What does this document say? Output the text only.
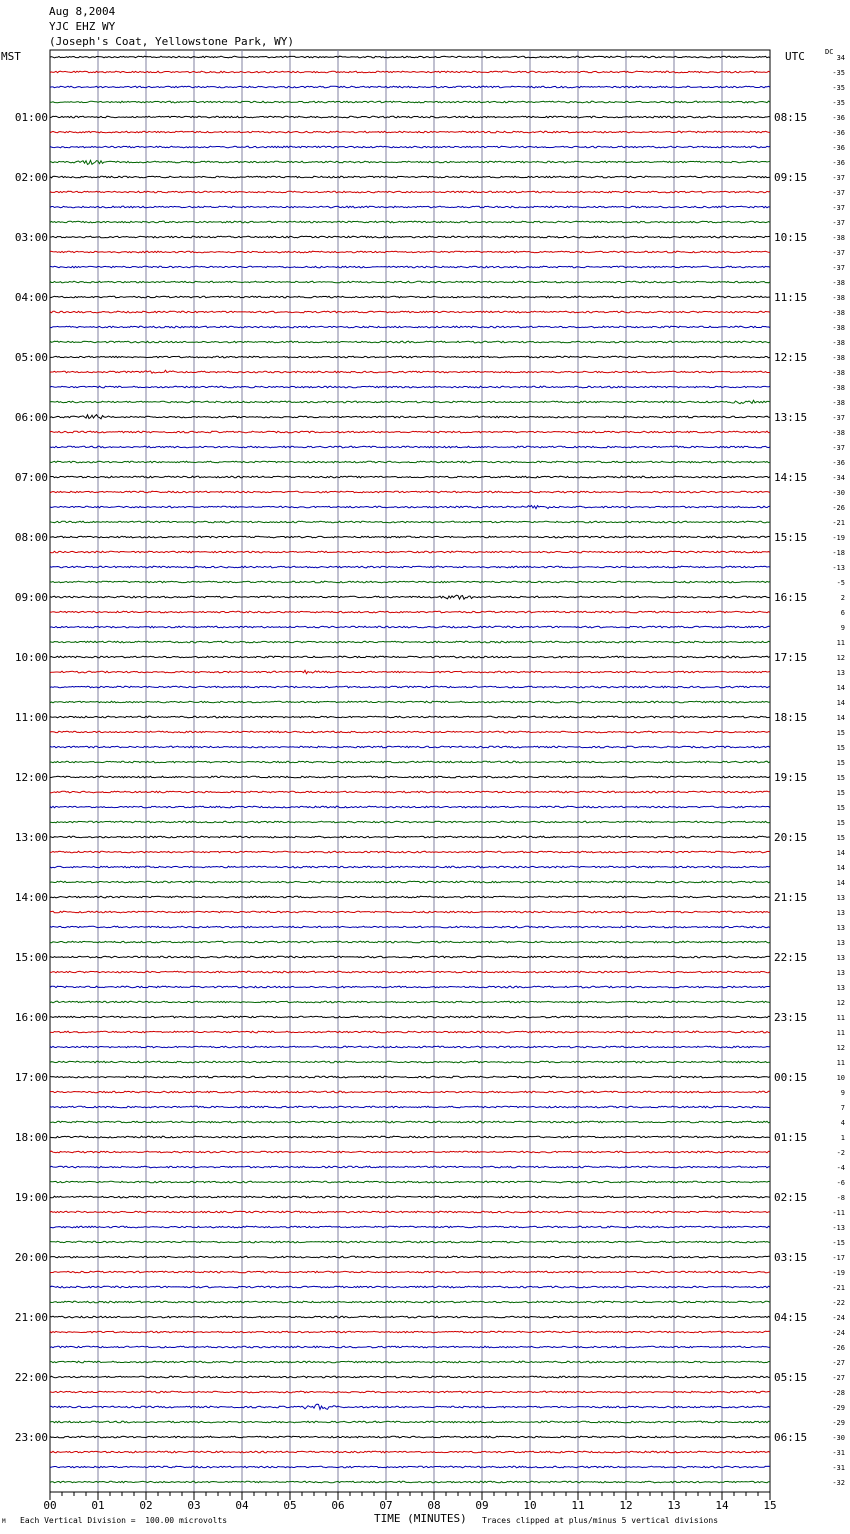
Aug 8,2004
YJC EHZ WY
(Joseph's Coat, Yellowstone Park, WY)
MST	UTC	DC
34
-35
-35
-35
-36
-36
-36
-36
-37
-37
-37
-37
-38
-37
-37
-38
-38
-38
-38
-38
-38
-38
-38
-38
-37
-38
-37
-36
-34
-30
-26
-21
-19
-18
-13
-5
2
6
9
11
12
13
14
14
14
15
15
15
15
15
15
15
15
14
14
14
13
13
13
13
13
13
13
12
11
11
12
11
10
9
7
4
1
-2
-4
-6
-8
-11
-13
-15
-17
-19
-21
-22
-24
-24
-26
-27
-27
-28
-29
-29
-30
-31
-31
-32
01:00
02:00
03:00
04:00
05:00
06:00
07:00
08:00
09:00
10:00
11:00
12:00
13:00
14:00
15:00
16:00
17:00
18:00
19:00
20:00
21:00
22:00
23:00
08:15
09:15
10:15
11:15
12:15
13:15
14:15
15:15
16:15
17:15
18:15
19:15
20:15
21:15
22:15
23:15
00:15
01:15
02:15
03:15
04:15
05:15
06:15
00	01	02	03	04	05	06	07	08	09	10	11	12	13	14	15
M Each Vertical Division =  100.00 microvolts	TIME (MINUTES) Traces clipped at plus/minus 5 vertical divisions
